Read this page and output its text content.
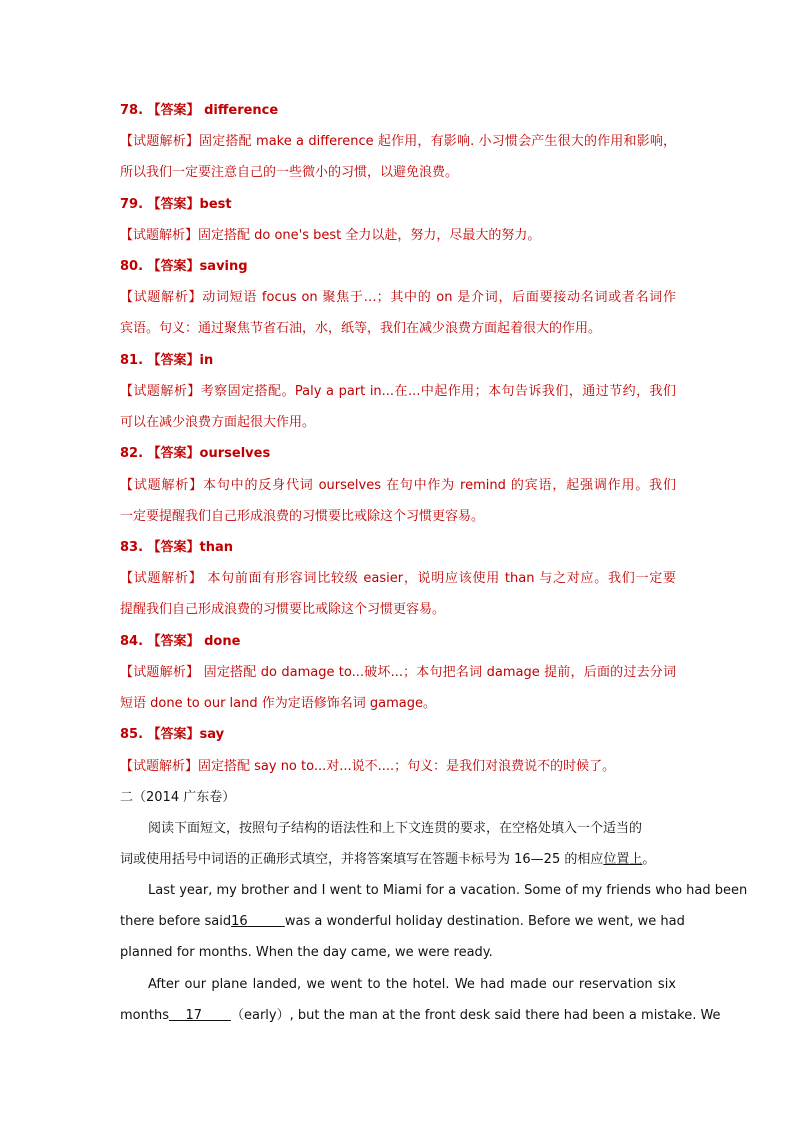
78. 【答案】 difference
【试题解析】固定搭配 make a difference 起作用，有影响. 小习惯会产生很大的作用和影响，
所以我们一定要注意自己的一些微小的习惯，以避免浪费。
79. 【答案】best
【试题解析】固定搭配 do one's best 全力以赴，努力，尽最大的努力。
80. 【答案】saving
【试题解析】动词短语 focus on 聚焦于…；其中的 on 是介词，后面要接动名词或者名词作
宾语。句义：通过聚焦节省石油，水，纸等，我们在减少浪费方面起着很大的作用。
81. 【答案】in
【试题解析】考察固定搭配。Paly a part in...在...中起作用；本句告诉我们，通过节约，我们
可以在减少浪费方面起很大作用。
82. 【答案】ourselves
【试题解析】本句中的反身代词 ourselves 在句中作为 remind 的宾语，起强调作用。我们
一定要提醒我们自己形成浪费的习惯要比戒除这个习惯更容易。
83. 【答案】than
【试题解析】 本句前面有形容词比较级 easier，说明应该使用 than 与之对应。我们一定要
提醒我们自己形成浪费的习惯要比戒除这个习惯更容易。
84. 【答案】 done
【试题解析】 固定搭配 do damage to...破坏...；本句把名词 damage 提前，后面的过去分词
短语 done to our land 作为定语修饰名词 gamage。
85. 【答案】say
【试题解析】固定搭配 say no to...对...说不....；句义：是我们对浪费说不的时候了。
二（2014 广东卷）
阅读下面短文，按照句子结构的语法性和上下文连贯的要求，在空格处填入一个适当的
词或使用括号中词语的正确形式填空，并将答案填写在答题卡标号为 16—25 的相应位置上。
Last year, my brother and I went to Miami for a vacation. Some of my friends who had been
there before said16	was a wonderful holiday destination. Before we went, we had
planned for months. When the day came, we were ready.
After our plane landed, we went to the hotel. We had made our reservation six
months 17	（early）, but the man at the front desk said there had been a mistake. We
